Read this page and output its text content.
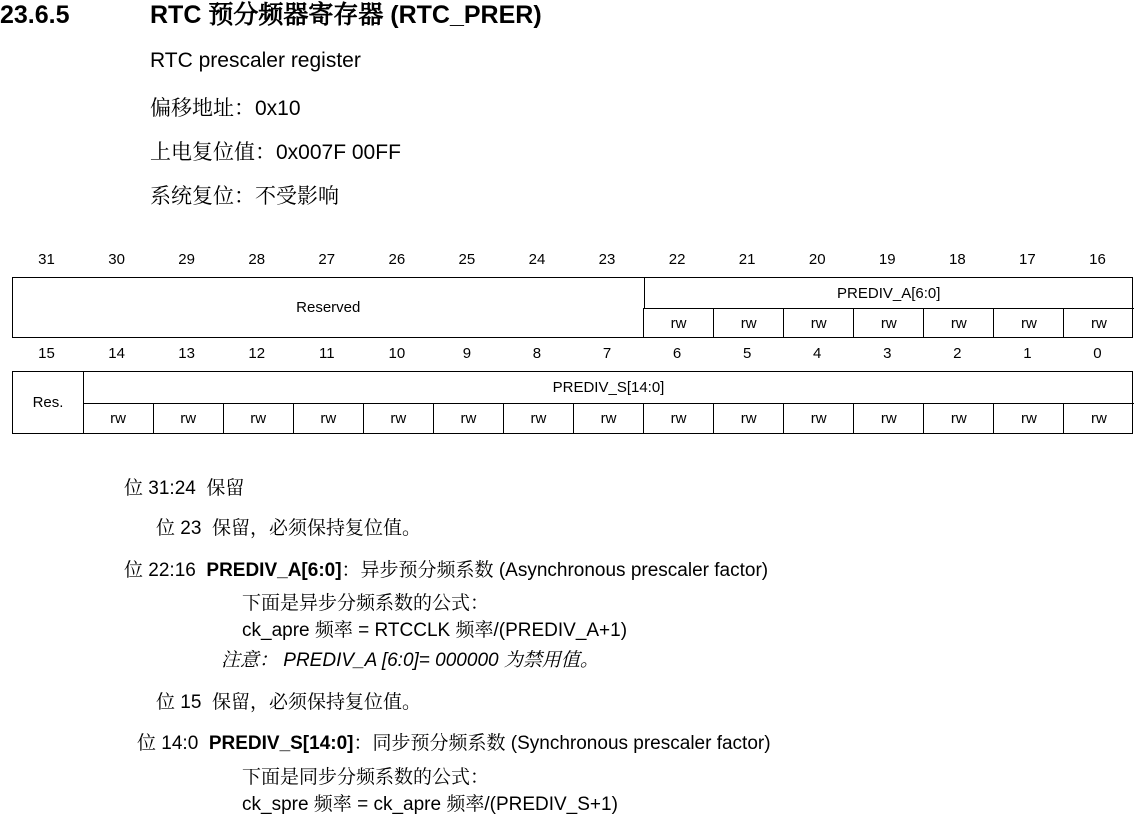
23.6.5	RTC 预分频器寄存器 (RTC_PRER)
RTC prescaler register
偏移地址：0x10
上电复位值：0x007F 00FF
系统复位：不受影响
31	30	29	28	27	26	25	24	23	22	21	20	19	18	17	16
Reserved
PREDIV_A[6:0]
rw	rw	rw	rw	rw	rw	rw
15	14	13	12	11	10	9	8	7	6	5	4	3	2	1	0
Res.
PREDIV_S[14:0]
rw	rw	rw	rw	rw	rw	rw	rw	rw	rw	rw	rw	rw	rw	rw
位 31:24 保留
位 23 保留，必须保持复位值。
位 22:16 PREDIV_A[6:0]：异步预分频系数 (Asynchronous prescaler factor)
下面是异步分频系数的公式：
ck_apre 频率 = RTCCLK 频率/(PREDIV_A+1)
注意： PREDIV_A [6:0]= 000000 为禁用值。
位 15 保留，必须保持复位值。
位 14:0 PREDIV_S[14:0]：同步预分频系数 (Synchronous prescaler factor)
下面是同步分频系数的公式：
ck_spre 频率 = ck_apre 频率/(PREDIV_S+1)
